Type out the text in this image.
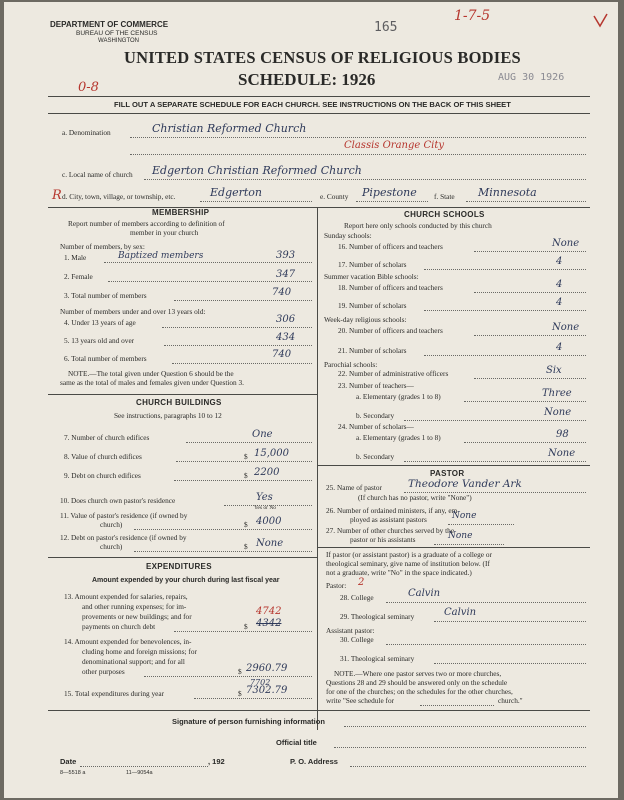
DEPARTMENT OF COMMERCE
BUREAU OF THE CENSUS
WASHINGTON
165
1-7-5
UNITED STATES CENSUS OF RELIGIOUS BODIES
SCHEDULE: 1926	AUG 30 1926
0-8
FILL OUT A SEPARATE SCHEDULE FOR EACH CHURCH. SEE INSTRUCTIONS ON THE BACK OF THIS SHEET
a. Denomination	Christian Reformed Church
Classis Orange City
c. Local name of church Edgerton Christian Reformed Church
R d. City, town, village, or township, etc.	Edgerton	e. County Pipestone f. State Minnesota
MEMBERSHIP
Report number of members according to definition of
member in your church
Number of members, by sex:
1. Male	Baptized members	393
2. Female	347
3. Total number of members	740
Number of members under and over 13 years old:
4. Under 13 years of age	306
5. 13 years old and over	434
6. Total number of members	740
NOTE.—The total given under Question 6 should be the
same as the total of males and females given under Question 3.
CHURCH BUILDINGS
See instructions, paragraphs 10 to 12
7. Number of church edifices	One
8. Value of church edifices	$ 15,000
9. Debt on church edifices	$ 2200
10. Does church own pastor's residence	Yes
Yes or No
11. Value of pastor's residence (if owned by
church)	$ 4000
12. Debt on pastor's residence (if owned by
church)	$ None
EXPENDITURES
Amount expended by your church during last fiscal year
13. Amount expended for salaries, repairs,
and other running expenses; for im-
provements or new buildings; and for
payments on church debt
4742
$ 4342
14. Amount expended for benevolences, in-
cluding home and foreign missions; for
denominational support; and for all
other purposes	$ 2960.79
7702
15. Total expenditures during year	$ 7302.79
CHURCH SCHOOLS
Report here only schools conducted by this church
Sunday schools:
16. Number of officers and teachers	None
17. Number of scholars	4
Summer vacation Bible schools:
18. Number of officers and teachers	4
19. Number of scholars	4
Week-day religious schools:
20. Number of officers and teachers	None
21. Number of scholars	4
Parochial schools:
22. Number of administrative officers	Six
23. Number of teachers—
a. Elementary (grades 1 to 8)	Three
b. Secondary	None
24. Number of scholars—
a. Elementary (grades 1 to 8)	98
b. Secondary	None
PASTOR
25. Name of pastor Theodore Vander Ark
(If church has no pastor, write "None")
26. Number of ordained ministers, if any, em-
ployed as assistant pastors	None
27. Number of other churches served by the
pastor or his assistants	None
If pastor (or assistant pastor) is a graduate of a college or
theological seminary, give name of institution below. (If
not a graduate, write "No" in the space indicated.)
Pastor: 2
28. College	Calvin
29. Theological seminary	Calvin
Assistant pastor:
30. College
31. Theological seminary
NOTE.—Where one pastor serves two or more churches,
Questions 28 and 29 should be answered only on the schedule
for one of the churches; on the schedules for the other churches,
write "See schedule for	church."
Signature of person furnishing information
Official title
Date	, 192	P. O. Address
8—5518 a	11—9054a
